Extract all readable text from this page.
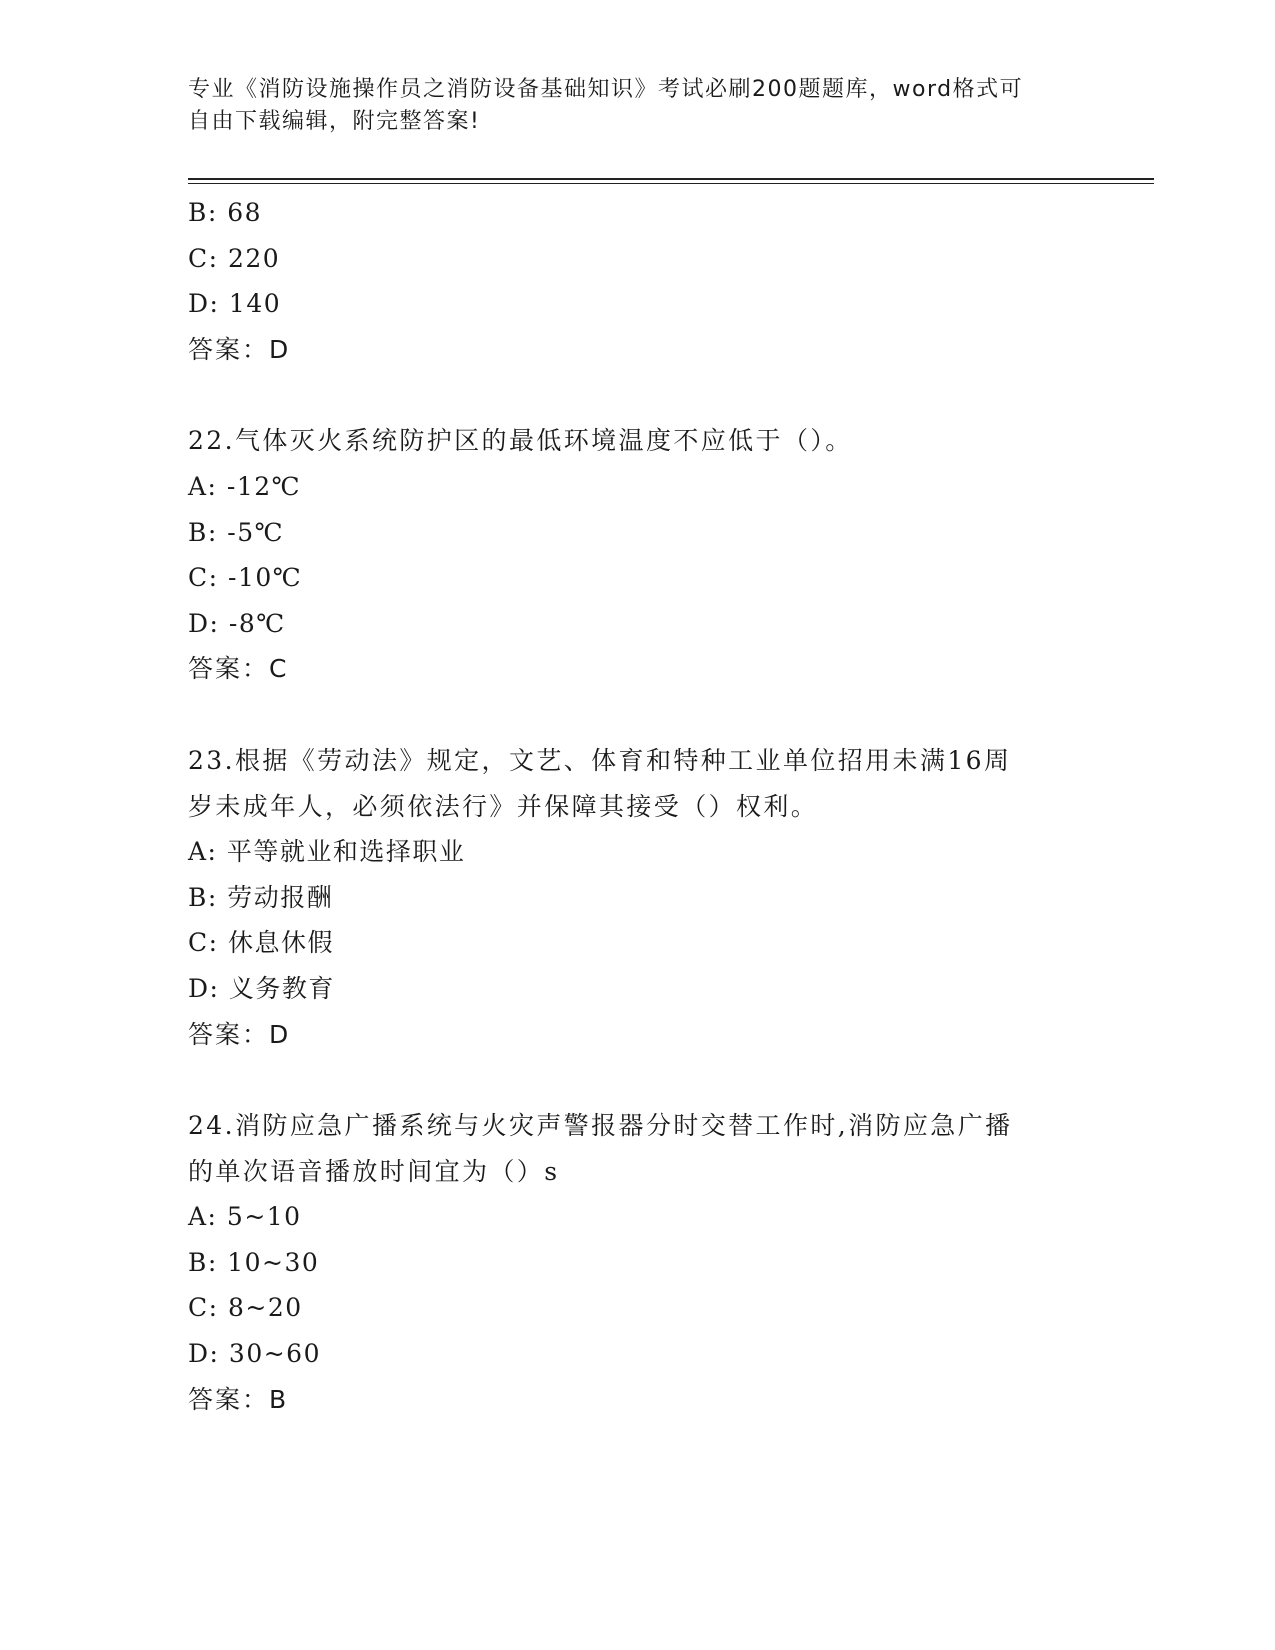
专业《消防设施操作员之消防设备基础知识》考试必刷200题题库，word格式可
自由下载编辑，附完整答案!
B: 68
C: 220
D: 140
答案：D
22.气体灭火系统防护区的最低环境温度不应低于（）。
A: -12℃
B: -5℃
C: -10℃
D: -8℃
答案：C
23.根据《劳动法》规定，文艺、体育和特种工业单位招用未满16周
岁未成年人，必须依法行》并保障其接受（）权利。
A: 平等就业和选择职业
B: 劳动报酬
C: 休息休假
D: 义务教育
答案：D
24.消防应急广播系统与火灾声警报器分时交替工作时,消防应急广播
的单次语音播放时间宜为（）s
A: 5~10
B: 10~30
C: 8~20
D: 30~60
答案：B
